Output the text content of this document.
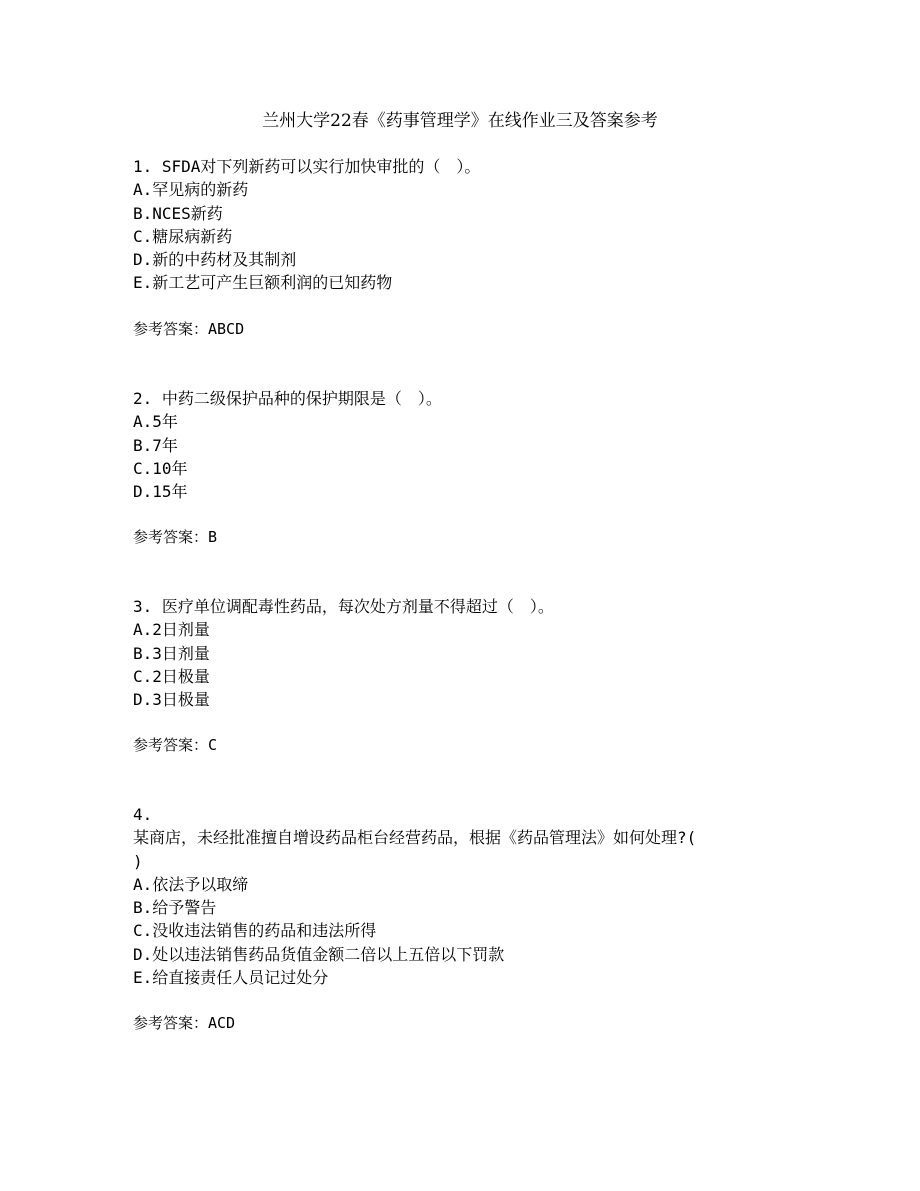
兰州大学22春《药事管理学》在线作业三及答案参考
1. SFDA对下列新药可以实行加快审批的（　）。
A.罕见病的新药
B.NCES新药
C.糖尿病新药
D.新的中药材及其制剂
E.新工艺可产生巨额利润的已知药物
参考答案：ABCD
2. 中药二级保护品种的保护期限是（　）。
A.5年
B.7年
C.10年
D.15年
参考答案：B
3. 医疗单位调配毒性药品，每次处方剂量不得超过（　）。
A.2日剂量
B.3日剂量
C.2日极量
D.3日极量
参考答案：C
4.
某商店，未经批准擅自增设药品柜台经营药品，根据《药品管理法》如何处理?(
)
A.依法予以取缔
B.给予警告
C.没收违法销售的药品和违法所得
D.处以违法销售药品货值金额二倍以上五倍以下罚款
E.给直接责任人员记过处分
参考答案：ACD
